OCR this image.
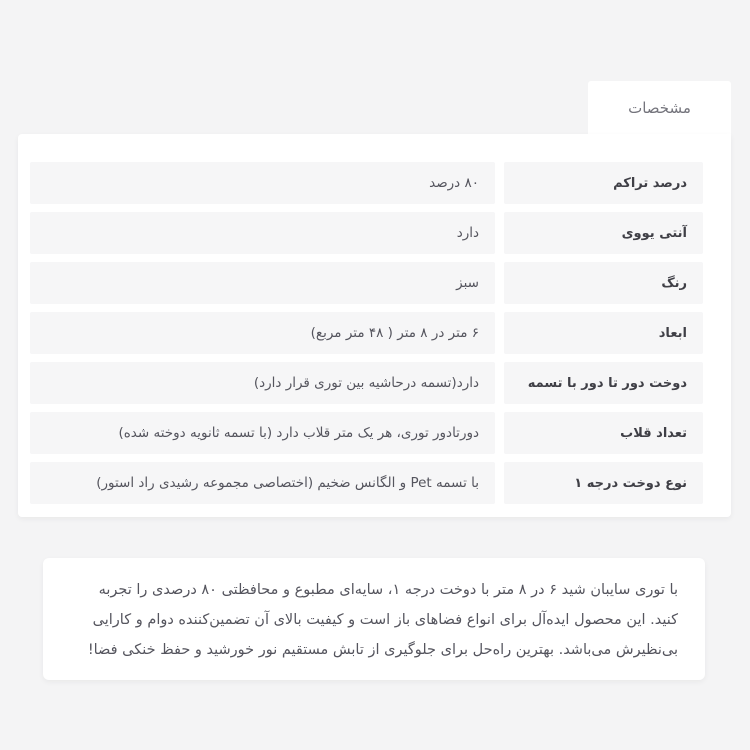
مشخصات
درصد تراکم
۸۰ درصد
آنتی یووی
دارد
رنگ
سبز
ابعاد
۶ متر در ۸ متر ( ۴۸ متر مربع)
دوخت دور تا دور با تسمه
دارد(تسمه درحاشیه بین توری قرار دارد)
تعداد قلاب
دورتادور توری، هر یک متر قلاب دارد (با تسمه ثانویه دوخته شده)
نوع دوخت درجه ۱
با تسمه Pet و الگانس ضخیم (اختصاصی مجموعه رشیدی راد استور)

با توری سایبان شید ۶ در ۸ متر با دوخت درجه ۱، سایه‌ای مطبوع و محافظتی ۸۰ درصدی را تجربه کنید. این محصول ایده‌آل برای انواع فضاهای باز است و کیفیت بالای آن تضمین‌کننده دوام و کارایی بی‌نظیرش می‌باشد. بهترین راه‌حل برای جلوگیری از تابش مستقیم نور خورشید و حفظ خنکی فضا!
